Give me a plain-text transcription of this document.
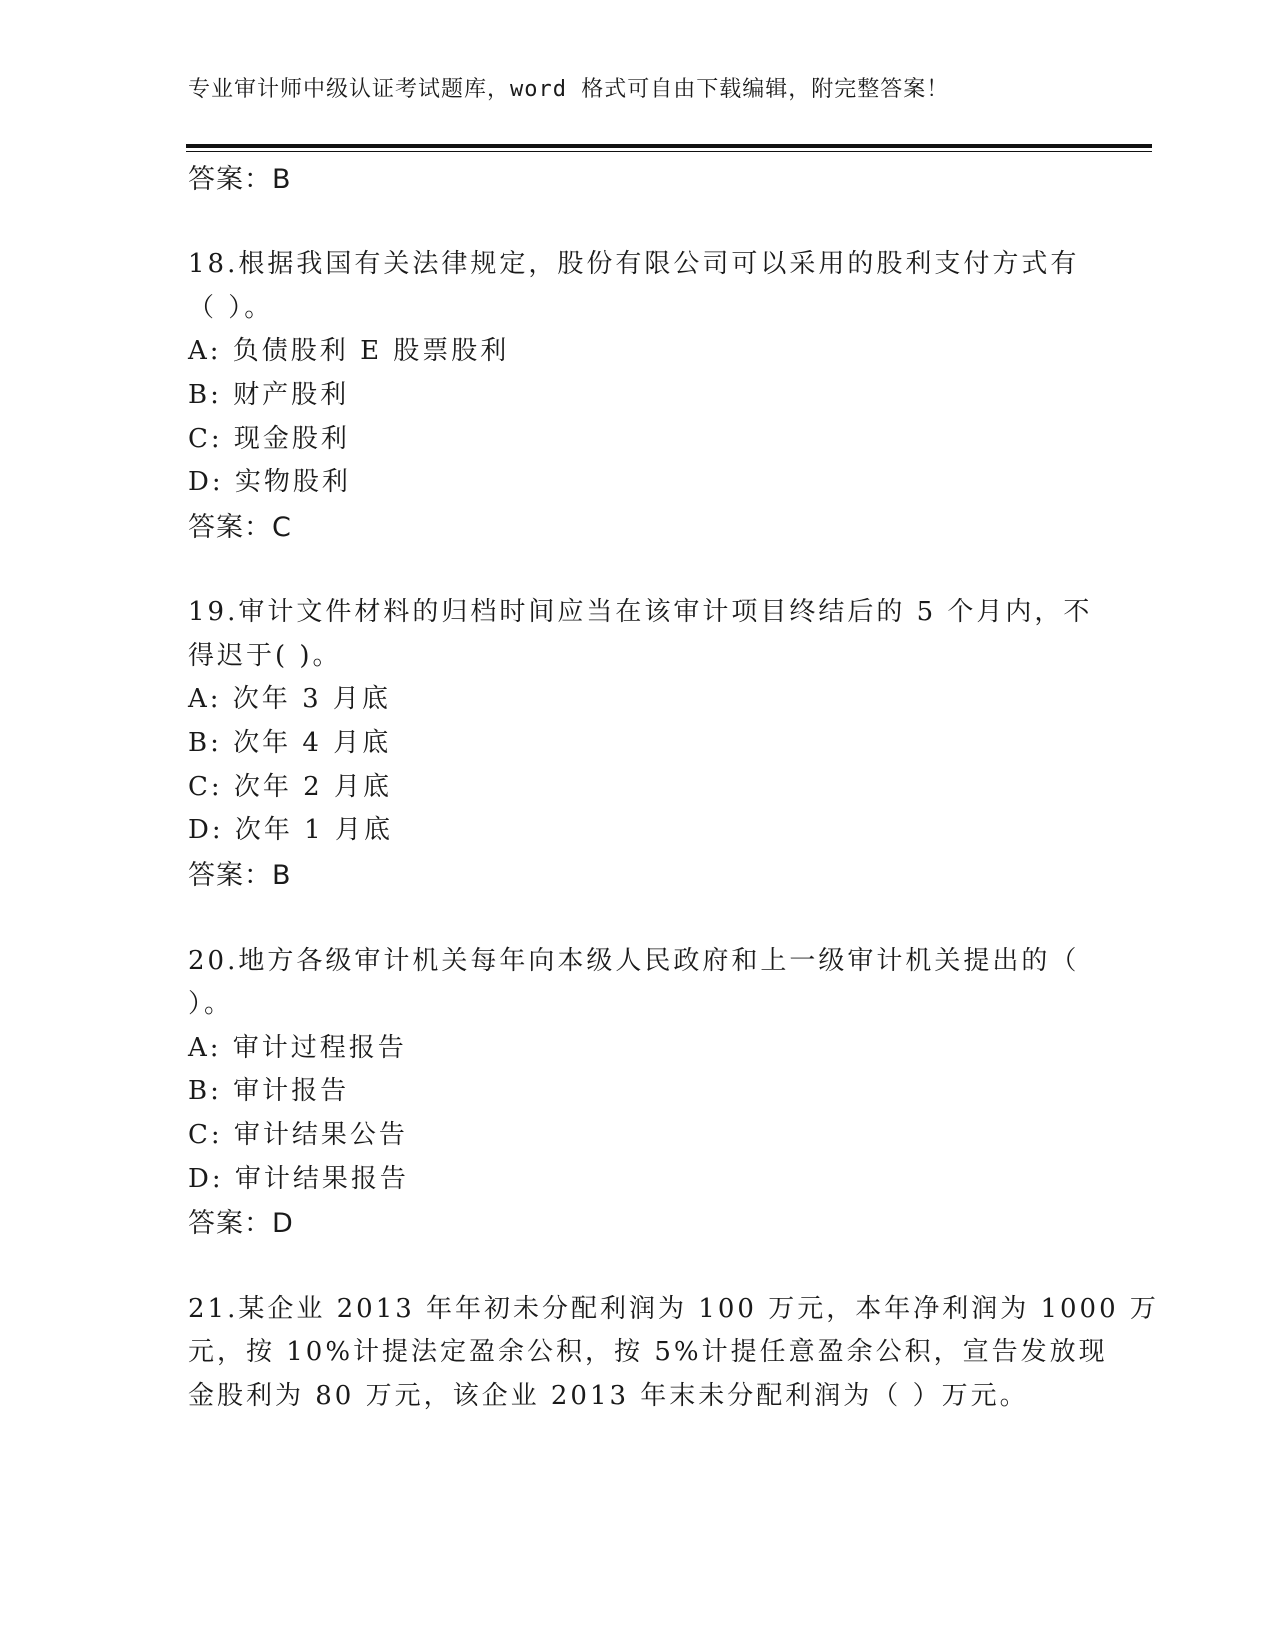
专业审计师中级认证考试题库，word 格式可自由下载编辑，附完整答案！
答案：B
18.根据我国有关法律规定，股份有限公司可以采用的股利支付方式有
（ ）。
A: 负债股利 E 股票股利
B: 财产股利
C: 现金股利
D: 实物股利
答案：C
19.审计文件材料的归档时间应当在该审计项目终结后的 5 个月内，不
得迟于( )。
A: 次年 3 月底
B: 次年 4 月底
C: 次年 2 月底
D: 次年 1 月底
答案：B
20.地方各级审计机关每年向本级人民政府和上一级审计机关提出的（
）。
A: 审计过程报告
B: 审计报告
C: 审计结果公告
D: 审计结果报告
答案：D
21.某企业 2013 年年初未分配利润为 100 万元，本年净利润为 1000 万
元，按 10%计提法定盈余公积，按 5%计提任意盈余公积，宣告发放现
金股利为 80 万元，该企业 2013 年末未分配利润为（ ）万元。
